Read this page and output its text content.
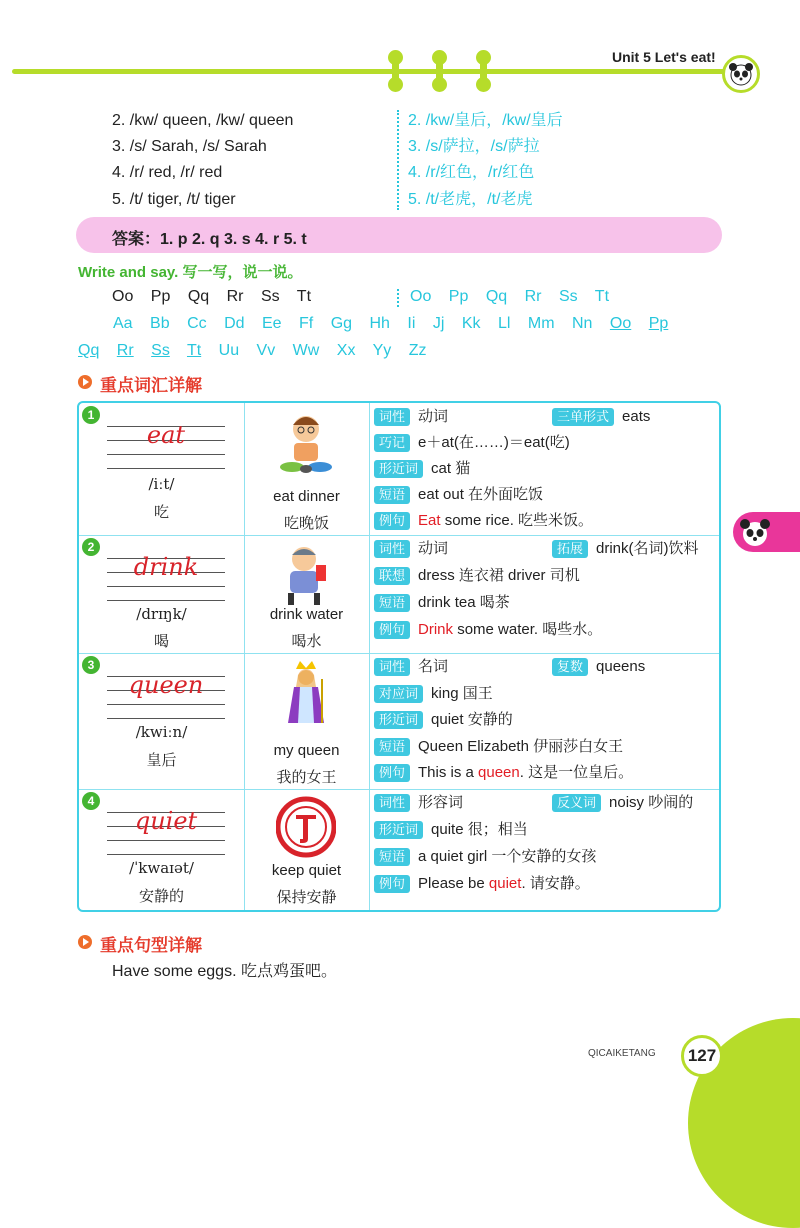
Unit 5 Let's eat!
2. /kw/ queen, /kw/ queen
3. /s/ Sarah, /s/ Sarah
4. /r/ red, /r/ red
5. /t/ tiger, /t/ tiger
2. /kw/皇后，/kw/皇后
3. /s/萨拉，/s/萨拉
4. /r/红色，/r/红色
5. /t/老虎，/t/老虎
答案：1. p 2. q 3. s 4. r 5. t
Write and say. 写一写，说一说。
Oo Pp Qq Rr Ss Tt	Oo Pp Qq Rr Ss Tt
Aa Bb Cc Dd Ee Ff Gg Hh Ii Jj Kk Ll Mm Nn Oo Pp
Qq Rr Ss Tt Uu Vv Ww Xx Yy Zz
重点词汇详解
1
eat
/iːt/
吃
eat dinner
吃晚饭
词性 动词	三单形式 eats
巧记 e＋at(在……)＝eat(吃)
形近词 cat 猫
短语 eat out 在外面吃饭
例句 Eat some rice. 吃些米饭。
2
drink
/drɪŋk/
喝
drink water
喝水
词性 动词	拓展 drink(名词)饮料
联想 dress 连衣裙 driver 司机
短语 drink tea 喝茶
例句 Drink some water. 喝些水。
3
queen
/kwiːn/
皇后
my queen
我的女王
词性 名词	复数 queens
对应词 king 国王
形近词 quiet 安静的
短语 Queen Elizabeth 伊丽莎白女王
例句 This is a queen. 这是一位皇后。
4
quiet
/ˈkwaɪət/
安静的
keep quiet
保持安静
词性 形容词	反义词 noisy 吵闹的
形近词 quite 很；相当
短语 a quiet girl 一个安静的女孩
例句 Please be quiet. 请安静。
重点句型详解
Have some eggs. 吃点鸡蛋吧。
QICAIKETANG	127
